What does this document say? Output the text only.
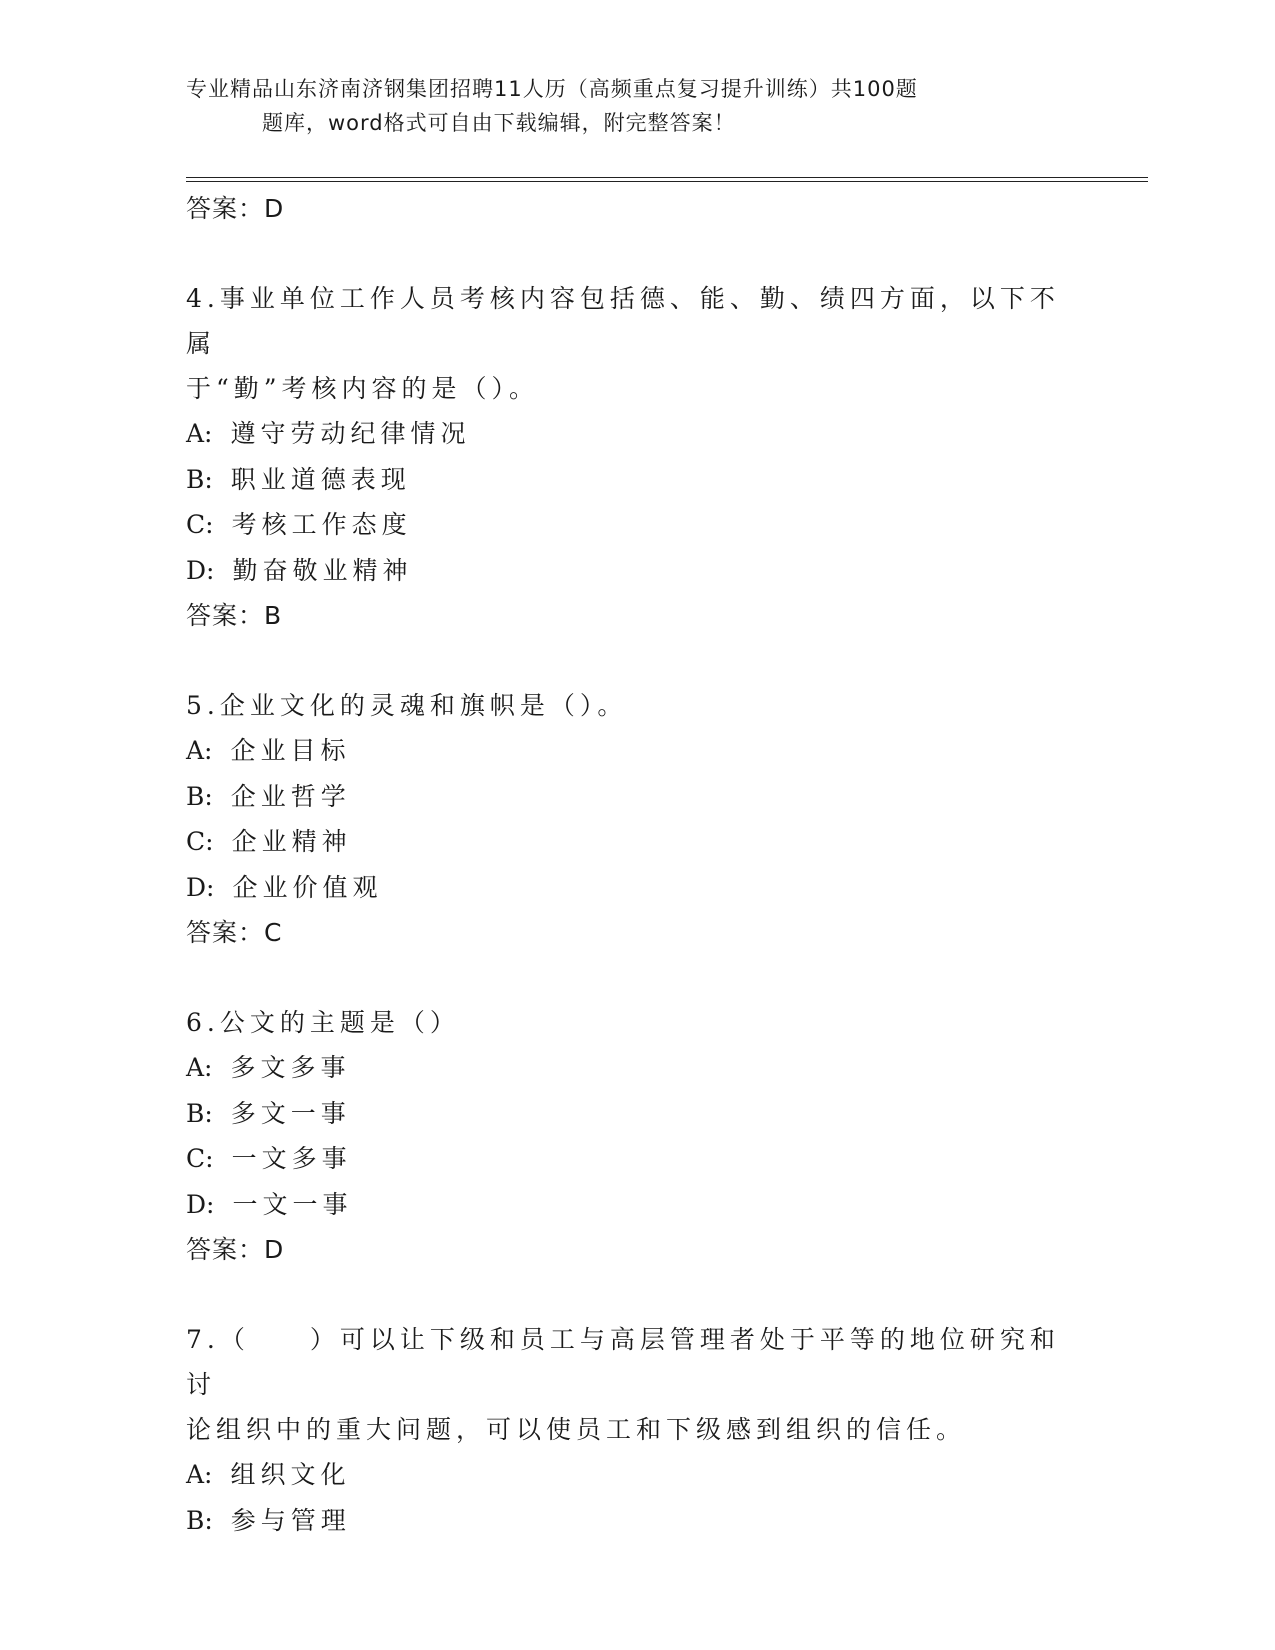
专业精品山东济南济钢集团招聘11人历（高频重点复习提升训练）共100题
题库，word格式可自由下载编辑，附完整答案！
答案：D
4.事业单位工作人员考核内容包括德、能、勤、绩四方面，以下不属
于“勤”考核内容的是（）。
A: 遵守劳动纪律情况
B: 职业道德表现
C: 考核工作态度
D: 勤奋敬业精神
答案：B
5.企业文化的灵魂和旗帜是（）。
A: 企业目标
B: 企业哲学
C: 企业精神
D: 企业价值观
答案：C
6.公文的主题是（）
A: 多文多事
B: 多文一事
C: 一文多事
D: 一文一事
答案：D
7.（　　）可以让下级和员工与高层管理者处于平等的地位研究和讨
论组织中的重大问题，可以使员工和下级感到组织的信任。
A: 组织文化
B: 参与管理
